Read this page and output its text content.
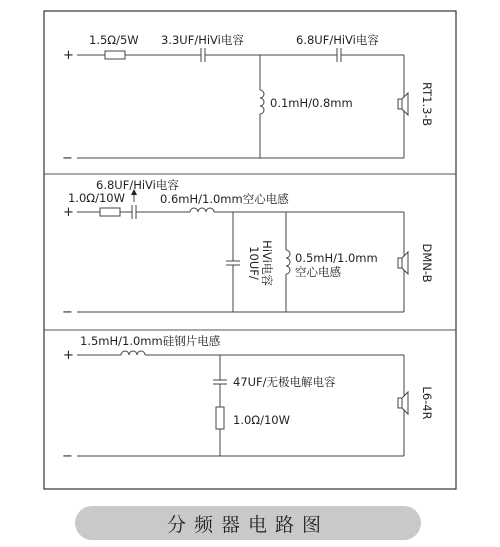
+
−
1.5Ω/5W 3.3UF/HiVi电容	6.8UF/HiVi电容
0.1mH/0.8mm	RT1.3-B
+
−
6.8UF/HiVi电容
1.0Ω/10W	0.6mH/1.0mm空心电感
10UF/ HiVi电容 0.5mH/1.0mm
空心电感	DMN-B
+
−
1.5mH/1.0mm硅钢片电感
47UF/无极电解电容
1.0Ω/10W
L6-4R
分频器电路图
